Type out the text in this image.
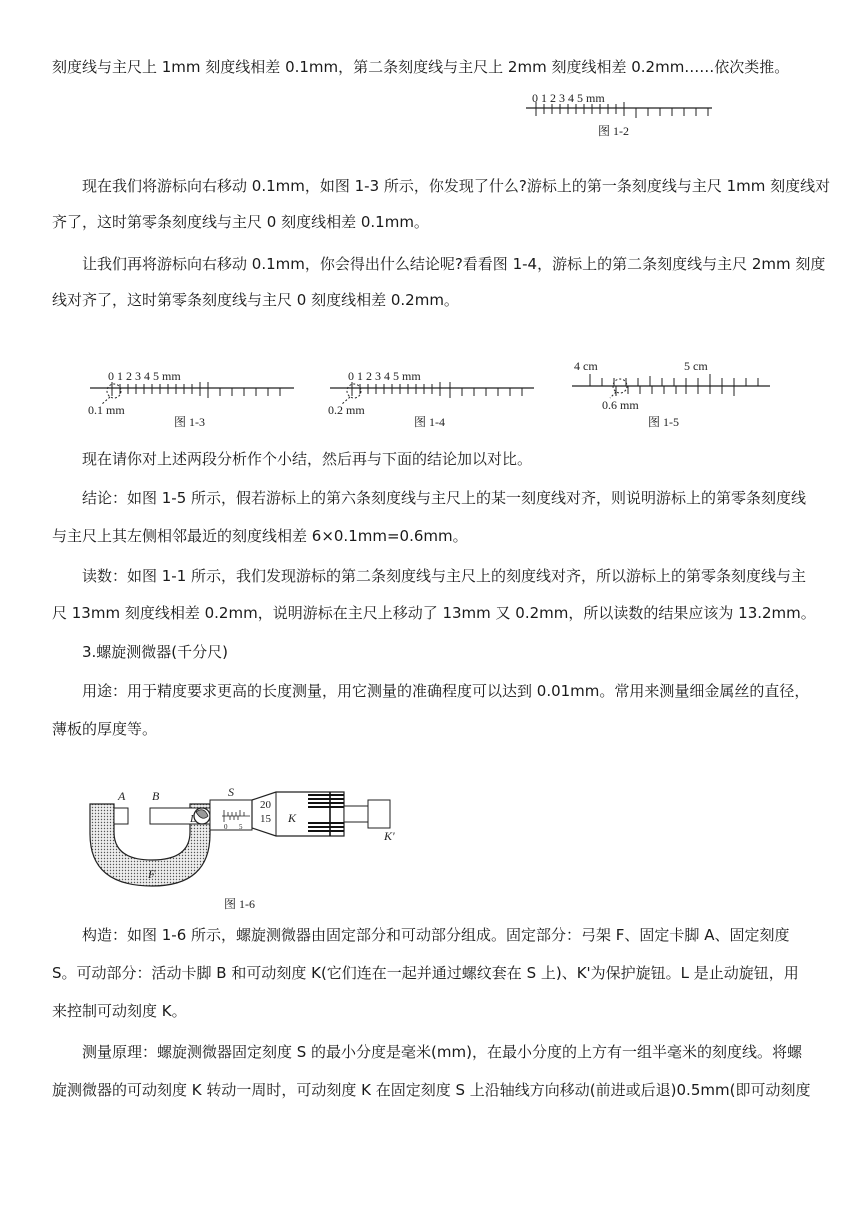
刻度线与主尺上 1mm 刻度线相差 0.1mm，第二条刻度线与主尺上 2mm 刻度线相差 0.2mm……依次类推。
现在我们将游标向右移动 0.1mm，如图 1-3 所示，你发现了什么?游标上的第一条刻度线与主尺 1mm 刻度线对
齐了，这时第零条刻度线与主尺 0 刻度线相差 0.1mm。
让我们再将游标向右移动 0.1mm，你会得出什么结论呢?看看图 1-4，游标上的第二条刻度线与主尺 2mm 刻度
线对齐了，这时第零条刻度线与主尺 0 刻度线相差 0.2mm。
现在请你对上述两段分析作个小结，然后再与下面的结论加以对比。
结论：如图 1-5 所示，假若游标上的第六条刻度线与主尺上的某一刻度线对齐，则说明游标上的第零条刻度线
与主尺上其左侧相邻最近的刻度线相差 6×0.1mm=0.6mm。
读数：如图 1-1 所示，我们发现游标的第二条刻度线与主尺上的刻度线对齐，所以游标上的第零条刻度线与主
尺 13mm 刻度线相差 0.2mm，说明游标在主尺上移动了 13mm 又 0.2mm，所以读数的结果应该为 13.2mm。
3.螺旋测微器(千分尺)
用途：用于精度要求更高的长度测量，用它测量的准确程度可以达到 0.01mm。常用来测量细金属丝的直径，
薄板的厚度等。
构造：如图 1-6 所示，螺旋测微器由固定部分和可动部分组成。固定部分：弓架 F、固定卡脚 A、固定刻度
S。可动部分：活动卡脚 B 和可动刻度 K(它们连在一起并通过螺纹套在 S 上)、K'为保护旋钮。L 是止动旋钮，用
来控制可动刻度 K。
测量原理：螺旋测微器固定刻度 S 的最小分度是毫米(mm)，在最小分度的上方有一组半毫米的刻度线。将螺
旋测微器的可动刻度 K 转动一周时，可动刻度 K 在固定刻度 S 上沿轴线方向移动(前进或后退)0.5mm(即可动刻度
0 1 2 3 4 5 mm
图 1-2
0 1 2 3 4 5 mm
0.1 mm
图 1-3
0 1 2 3 4 5 mm
0.2 mm
图 1-4
4 cm	5 cm
0.6 mm
图 1-5
A B	S
L
20
15
0 5
K
K'
F
图 1-6
